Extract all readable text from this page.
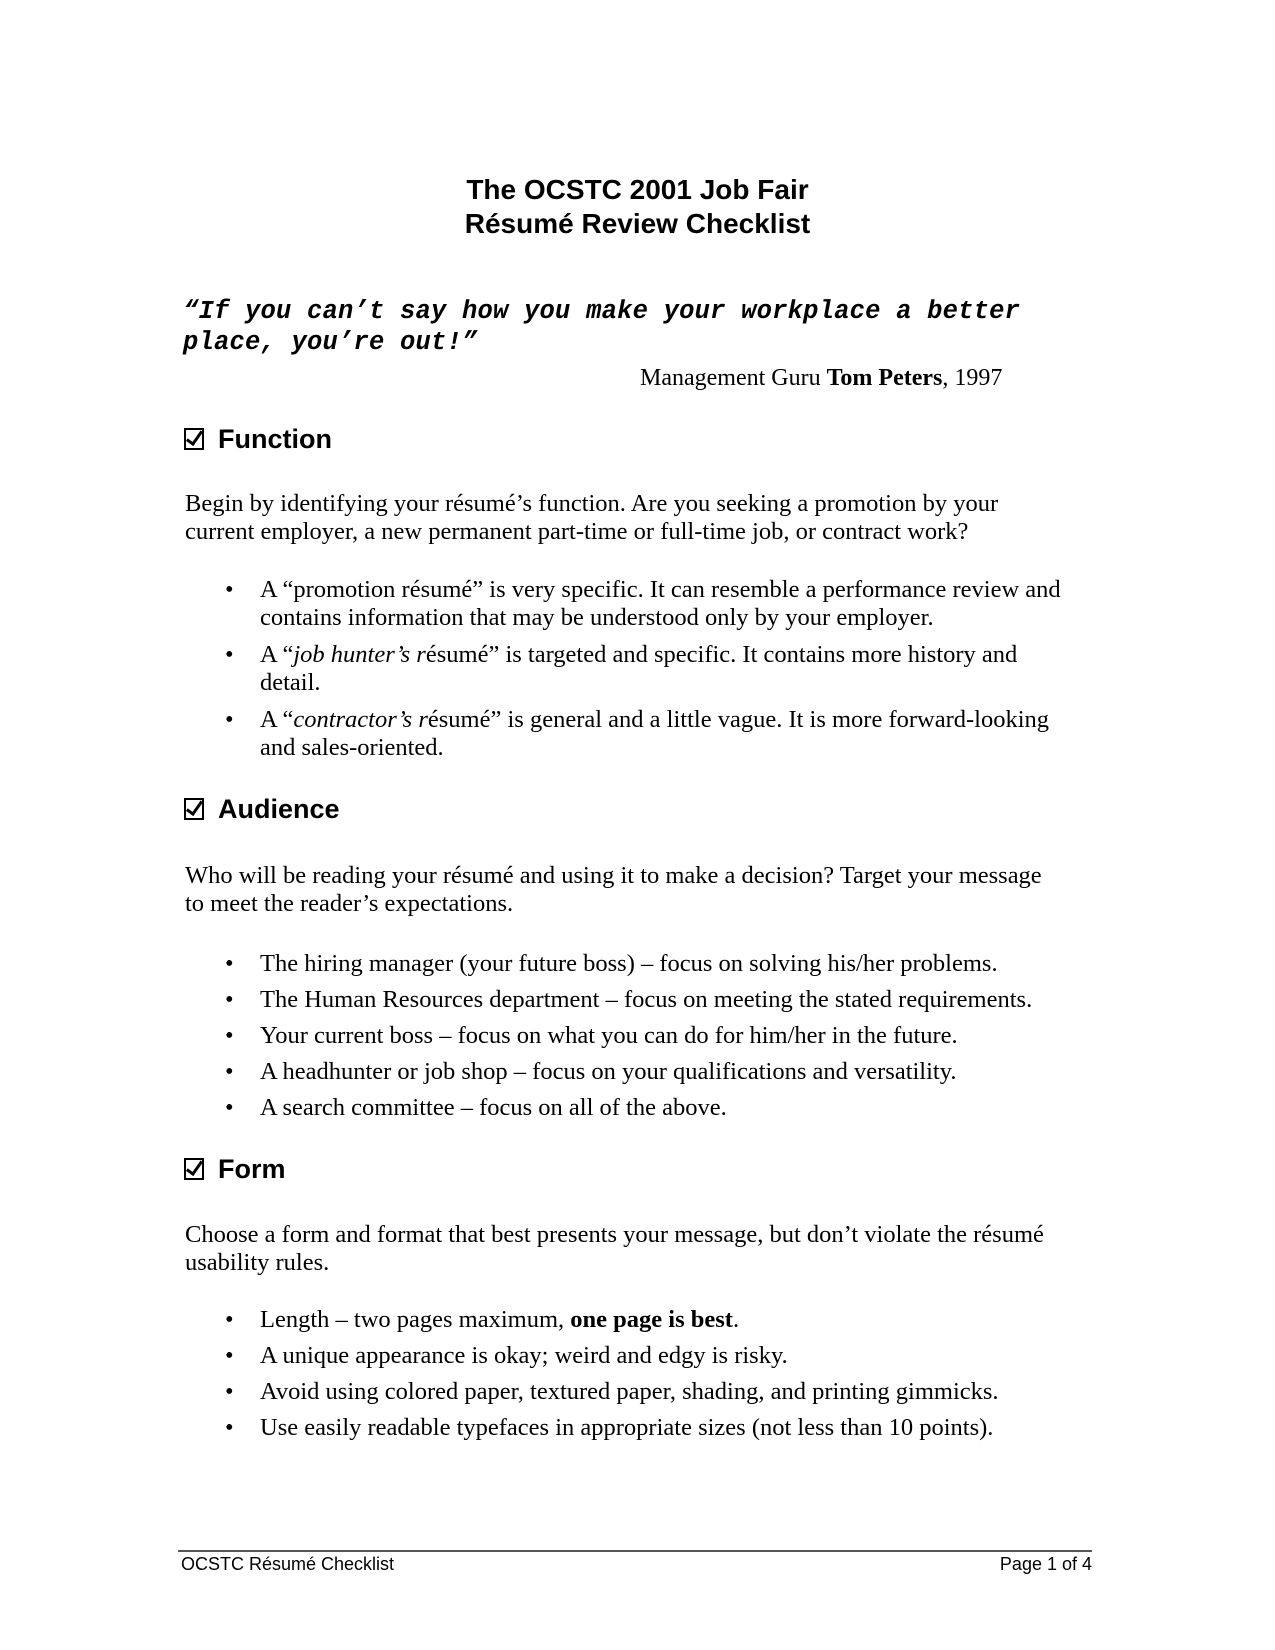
The OCSTC 2001 Job Fair
Résumé Review Checklist
“If you can’t say how you make your workplace a better
place, you’re out!”
Management Guru Tom Peters, 1997
Function
Begin by identifying your résumé’s function. Are you seeking a promotion by your
current employer, a new permanent part-time or full-time job, or contract work?
•	A “promotion résumé” is very specific. It can resemble a performance review and
contains information that may be understood only by your employer.
•	A “job hunter’s résumé” is targeted and specific. It contains more history and
detail.
•	A “contractor’s résumé” is general and a little vague. It is more forward-looking
and sales-oriented.
Audience
Who will be reading your résumé and using it to make a decision? Target your message
to meet the reader’s expectations.
•	The hiring manager (your future boss) – focus on solving his/her problems.
•	The Human Resources department – focus on meeting the stated requirements.
•	Your current boss – focus on what you can do for him/her in the future.
•	A headhunter or job shop – focus on your qualifications and versatility.
•	A search committee – focus on all of the above.
Form
Choose a form and format that best presents your message, but don’t violate the résumé
usability rules.
•	Length – two pages maximum, one page is best.
•	A unique appearance is okay; weird and edgy is risky.
•	Avoid using colored paper, textured paper, shading, and printing gimmicks.
•	Use easily readable typefaces in appropriate sizes (not less than 10 points).
OCSTC Résumé Checklist	Page 1 of 4
